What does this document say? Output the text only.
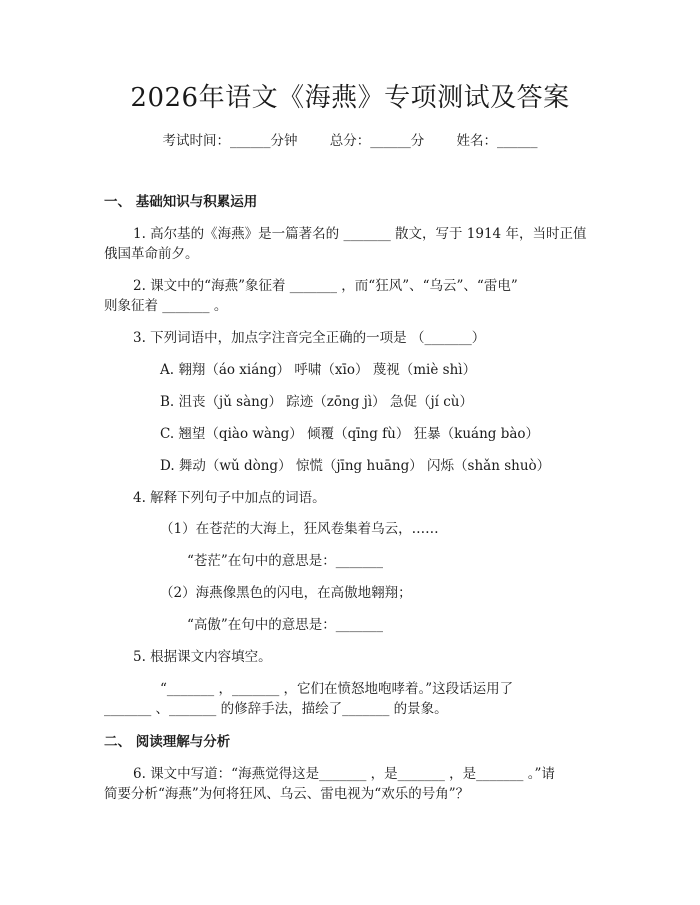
2026年语文《海燕》专项测试及答案
考试时间：______分钟 总分：______分 姓名：______
一、 基础知识与积累运用
1. 高尔基的《海燕》是一篇著名的 _______ 散文，写于 1914 年，当时正值
俄国革命前夕。
2. 课文中的“海燕”象征着 _______ ，而“狂风”、“乌云”、“雷电”
则象征着 _______ 。
3. 下列词语中，加点字注音完全正确的一项是 （_______）
A. 翱翔（áo xiáng） 呼啸（xīo） 蔑视（miè shì）
B. 沮丧（jǔ sàng） 踪迹（zōng jì） 急促（jí cù）
C. 翘望（qiào wàng） 倾覆（qīng fù） 狂暴（kuáng bào）
D. 舞动（wǔ dòng） 惊慌（jīng huāng） 闪烁（shǎn shuò）
4. 解释下列句子中加点的词语。
（1）在苍茫的大海上，狂风卷集着乌云，……
“苍茫”在句中的意思是：_______
（2）海燕像黑色的闪电，在高傲地翱翔；
“高傲”在句中的意思是：_______
5. 根据课文内容填空。
“_______ ，_______ ，它们在愤怒地咆哮着。”这段话运用了
_______ 、_______ 的修辞手法，描绘了_______ 的景象。
二、 阅读理解与分析
6. 课文中写道：“海燕觉得这是_______ ，是_______ ，是_______ 。”请
简要分析“海燕”为何将狂风、乌云、雷电视为“欢乐的号角”？
